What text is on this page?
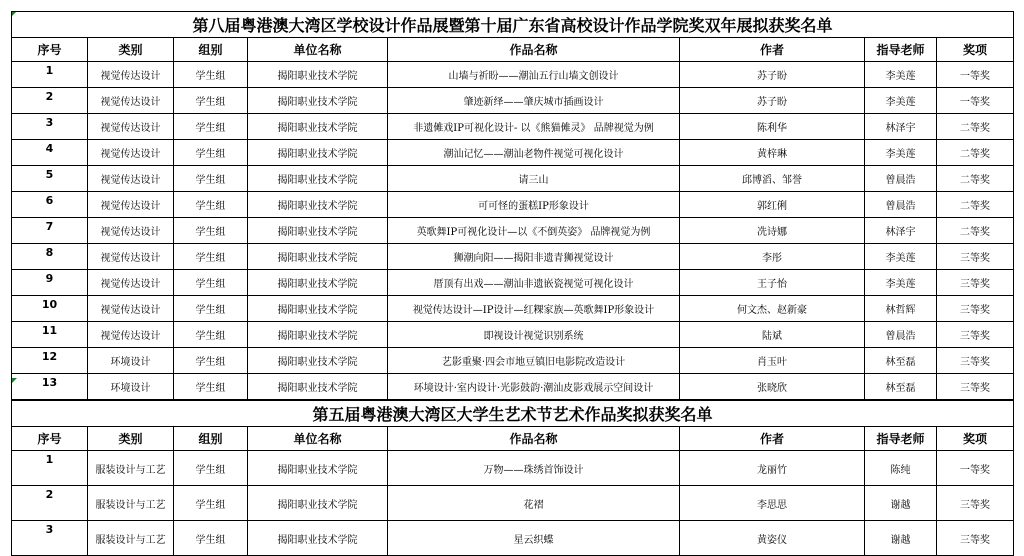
第八届粤港澳大湾区学校设计作品展暨第十届广东省高校设计作品学院奖双年展拟获奖名单							
序号	类别	组别	单位名称	作品名称	作者	指导老师	奖项
1	视觉传达设计	学生组	揭阳职业技术学院	山墙与祈盼——潮汕五行山墙文创设计	苏子盼	李美莲	一等奖
2	视觉传达设计	学生组	揭阳职业技术学院	肇迹新绎——肇庆城市插画设计	苏子盼	李美莲	一等奖
3	视觉传达设计	学生组	揭阳职业技术学院	非遗傩戏IP可视化设计- 以《熊猫傩灵》 品牌视觉为例	陈利华	林泽宇	二等奖
4	视觉传达设计	学生组	揭阳职业技术学院	潮汕记忆——潮汕老物件视觉可视化设计	黄梓琳	李美莲	二等奖
5	视觉传达设计	学生组	揭阳职业技术学院	请三山	邱博滔、邹誉	曾晨浩	二等奖
6	视觉传达设计	学生组	揭阳职业技术学院	可可怪的蛋糕IP形象设计	郭红俐	曾晨浩	二等奖
7	视觉传达设计	学生组	揭阳职业技术学院	英歌舞IP可视化设计—以《不倒英姿》 品牌视觉为例	冼诗娜	林泽宇	二等奖
8	视觉传达设计	学生组	揭阳职业技术学院	狮潮向阳——揭阳非遗青狮视觉设计	李彤	李美莲	三等奖
9	视觉传达设计	学生组	揭阳职业技术学院	厝顶有出戏——潮汕非遗嵌瓷视觉可视化设计	王子怡	李美莲	三等奖
10	视觉传达设计	学生组	揭阳职业技术学院	视觉传达设计—IP设计—红粿家族—英歌舞IP形象设计	何文杰、赵新豪	林哲辉	三等奖
11	视觉传达设计	学生组	揭阳职业技术学院	即视设计视觉识别系统	陆斌	曾晨浩	三等奖
12	环境设计	学生组	揭阳职业技术学院	艺影重聚·四会市地豆镇旧电影院改造设计	肖玉叶	林至磊	三等奖
13	环境设计	学生组	揭阳职业技术学院	环境设计·室内设计·光影鼓韵·潮汕皮影戏展示空间设计	张晓欣	林至磊	三等奖
第五届粤港澳大湾区大学生艺术节艺术作品奖拟获奖名单							
序号	类别	组别	单位名称	作品名称	作者	指导老师	奖项
1	服装设计与工艺	学生组	揭阳职业技术学院	万物——珠绣首饰设计	龙丽竹	陈纯	一等奖
2	服装设计与工艺	学生组	揭阳职业技术学院	花褶	李思思	谢越	三等奖
3	服装设计与工艺	学生组	揭阳职业技术学院	星云织蝶	黄姿仪	谢越	三等奖
